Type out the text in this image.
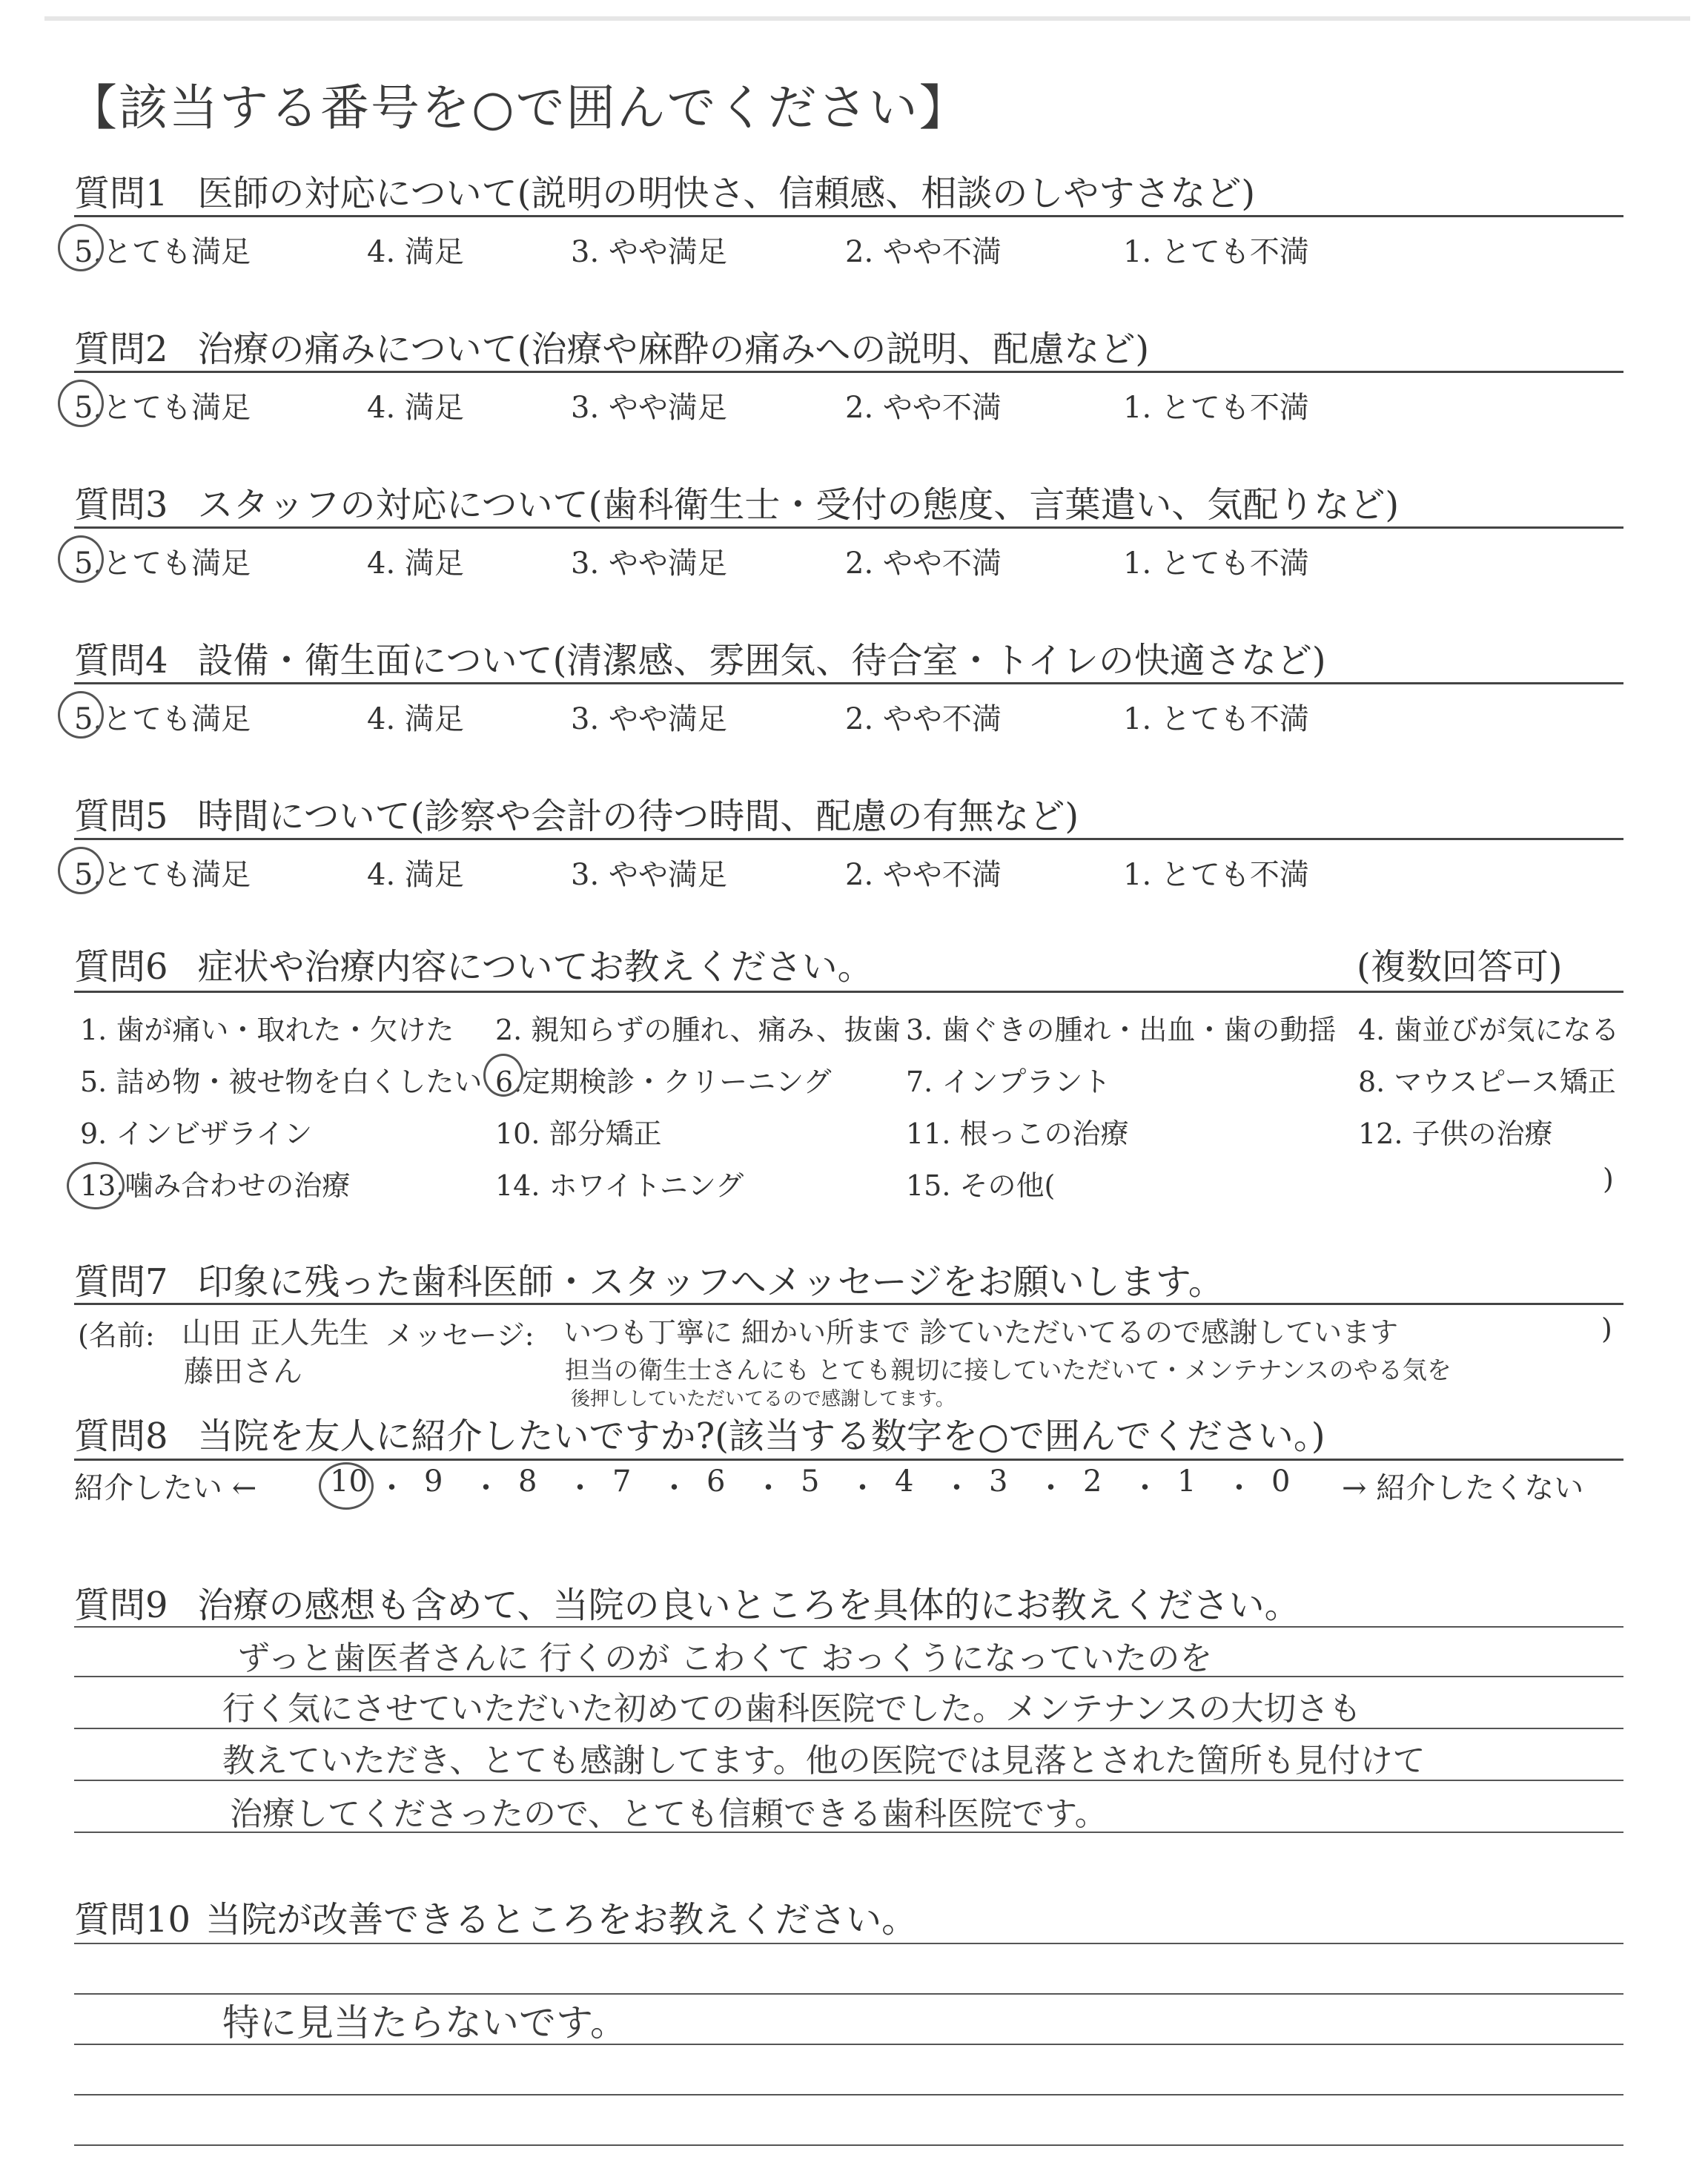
【該当する番号を○で囲んでください】
質問1 医師の対応について(説明の明快さ、信頼感、相談のしやすさなど)
5.とても満足	4. 満足	3. やや満足	2. やや不満	1. とても不満
質問2 治療の痛みについて(治療や麻酔の痛みへの説明、配慮など)
5.とても満足	4. 満足	3. やや満足	2. やや不満	1. とても不満
質問3 スタッフの対応について(歯科衛生士・受付の態度、言葉遣い、気配りなど)
5.とても満足	4. 満足	3. やや満足	2. やや不満	1. とても不満
質問4 設備・衛生面について(清潔感、雰囲気、待合室・トイレの快適さなど)
5.とても満足	4. 満足	3. やや満足	2. やや不満	1. とても不満
質問5 時間について(診察や会計の待つ時間、配慮の有無など)
5.とても満足	4. 満足	3. やや満足	2. やや不満	1. とても不満
質問6 症状や治療内容についてお教えください。	(複数回答可)
1. 歯が痛い・取れた・欠けた 2. 親知らずの腫れ、痛み、抜歯 3. 歯ぐきの腫れ・出血・歯の動揺 4. 歯並びが気になる
5. 詰め物・被せ物を白くしたい 6.定期検診・クリーニング	7. インプラント	8. マウスピース矯正
9. インビザライン	10. 部分矯正	11. 根っこの治療	12. 子供の治療
13.噛み合わせの治療	14. ホワイトニング	15. その他(	)
質問7 印象に残った歯科医師・スタッフへメッセージをお願いします。
(名前: 山田 正人先生
藤田さん
メッセージ: いつも丁寧に 細かい所まで 診ていただいてるので感謝しています	)
担当の衛生士さんにも とても親切に接していただいて・メンテナンスのやる気を
後押ししていただいてるので感謝してます。
質問8 当院を友人に紹介したいですか?(該当する数字を○で囲んでください。)
紹介したい ← 10 ・ 9 ・ 8 ・ 7 ・ 6 ・ 5 ・ 4 ・ 3 ・ 2 ・ 1 ・ 0 → 紹介したくない
質問9 治療の感想も含めて、当院の良いところを具体的にお教えください。
ずっと歯医者さんに 行くのが こわくて おっくうになっていたのを
行く気にさせていただいた初めての歯科医院でした。メンテナンスの大切さも
教えていただき、とても感謝してます。他の医院では見落とされた箇所も見付けて
治療してくださったので、とても信頼できる歯科医院です。
質問10 当院が改善できるところをお教えください。
特に見当たらないです。
